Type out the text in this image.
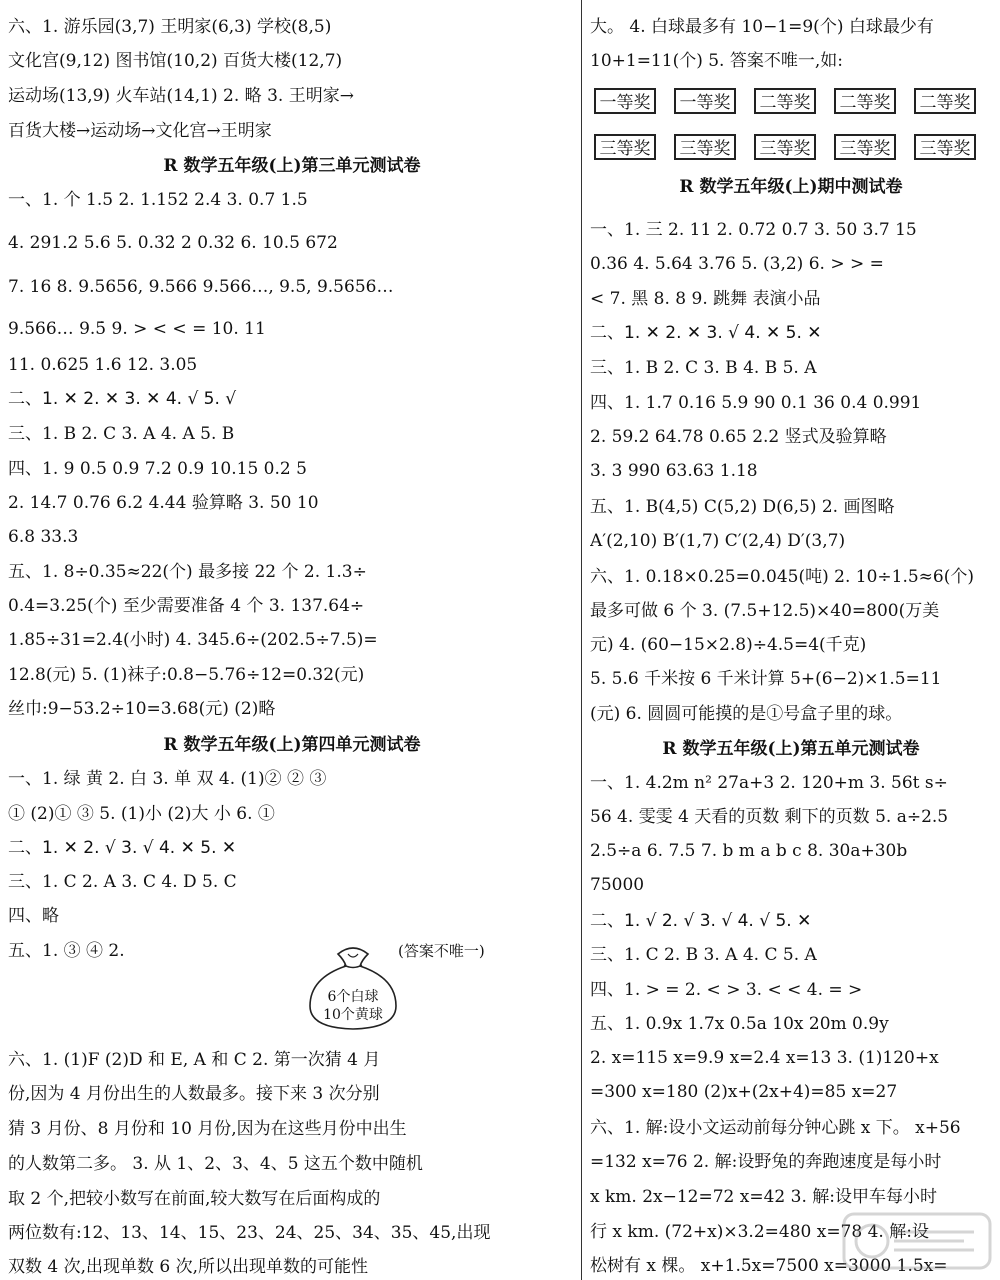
六、1. 游乐园(3,7) 王明家(6,3) 学校(8,5)
文化宫(9,12) 图书馆(10,2) 百货大楼(12,7)
运动场(13,9) 火车站(14,1) 2. 略 3. 王明家→
百货大楼→运动场→文化宫→王明家
R 数学五年级(上)第三单元测试卷
一、1. 个 1.5 2. 1.152 2.4 3. 0.7 1.5
4. 291.2 5.6 5. 0.32̇ 2 0.32 6. 10.5 672
7. 16 8. 9.5656, 9.566 9.566…, 9.5̇, 9.5656…
9.566… 9.5̇ 9. > < < = 10. 11
11. 0.625 1.6 12. 3.05
二、1. ✕ 2. ✕ 3. ✕ 4. √ 5. √
三、1. B 2. C 3. A 4. A 5. B
四、1. 9 0.5 0.9 7.2 0.9 10.15 0.2 5
2. 14.7 0.76 6.2 4.44 验算略 3. 50 10
6.8 33.3
五、1. 8÷0.35≈22(个) 最多接 22 个 2. 1.3÷
0.4=3.25(个) 至少需要准备 4 个 3. 137.64÷
1.85÷31=2.4(小时) 4. 345.6÷(202.5÷7.5)=
12.8(元) 5. (1)袜子:0.8−5.76÷12=0.32(元)
丝巾:9−53.2÷10=3.68(元) (2)略
R 数学五年级(上)第四单元测试卷
一、1. 绿 黄 2. 白 3. 单 双 4. (1)② ② ③
① (2)① ③ 5. (1)小 (2)大 小 6. ①
二、1. ✕ 2. √ 3. √ 4. ✕ 5. ✕
三、1. C 2. A 3. C 4. D 5. C
四、略
五、1. ③ ④ 2.	(答案不唯一)
6个白球
10个黄球
六、1. (1)F (2)D 和 E, A 和 C 2. 第一次猜 4 月
份,因为 4 月份出生的人数最多。接下来 3 次分别
猜 3 月份、8 月份和 10 月份,因为在这些月份中出生
的人数第二多。 3. 从 1、2、3、4、5 这五个数中随机
取 2 个,把较小数写在前面,较大数写在后面构成的
两位数有:12、13、14、15、23、24、25、34、35、45,出现
双数 4 次,出现单数 6 次,所以出现单数的可能性
大。 4. 白球最多有 10−1=9(个) 白球最少有
10+1=11(个) 5. 答案不唯一,如:
一等奖	一等奖	二等奖	二等奖	二等奖
三等奖	三等奖	三等奖	三等奖	三等奖
R 数学五年级(上)期中测试卷
一、1. 三 2. 11 2. 0.7̇2̇ 0.7 3. 50 3.7 15
0.36 4. 5.64 3.76 5. (3,2) 6. > > =
< 7. 黑 8. 8 9. 跳舞 表演小品
二、1. ✕ 2. ✕ 3. √ 4. ✕ 5. ✕
三、1. B 2. C 3. B 4. B 5. A
四、1. 1.7 0.16 5.9 90 0.1 36 0.4 0.991
2. 59.2 64.78 0.65 2.2 竖式及验算略
3. 3 990 63.63 1.18
五、1. B(4,5) C(5,2) D(6,5) 2. 画图略
A′(2,10) B′(1,7) C′(2,4) D′(3,7)
六、1. 0.18×0.25=0.045(吨) 2. 10÷1.5≈6(个)
最多可做 6 个 3. (7.5+12.5)×40=800(万美
元) 4. (60−15×2.8)÷4.5=4(千克)
5. 5.6 千米按 6 千米计算 5+(6−2)×1.5=11
(元) 6. 圆圆可能摸的是①号盒子里的球。
R 数学五年级(上)第五单元测试卷
一、1. 4.2m n² 27a+3 2. 120+m 3. 56t s÷
56 4. 雯雯 4 天看的页数 剩下的页数 5. a÷2.5
2.5÷a 6. 7.5 7. b m a b c 8. 30a+30b
75000
二、1. √ 2. √ 3. √ 4. √ 5. ✕
三、1. C 2. B 3. A 4. C 5. A
四、1. > = 2. < > 3. < < 4. = >
五、1. 0.9x 1.7x 0.5a 10x 20m 0.9y
2. x=115 x=9.9 x=2.4 x=13 3. (1)120+x
=300 x=180 (2)x+(2x+4)=85 x=27
六、1. 解:设小文运动前每分钟心跳 x 下。 x+56
=132 x=76 2. 解:设野兔的奔跑速度是每小时
x km. 2x−12=72 x=42 3. 解:设甲车每小时
行 x km. (72+x)×3.2=480 x=78 4. 解:设
松树有 x 棵。 x+1.5x=7500 x=3000 1.5x=
